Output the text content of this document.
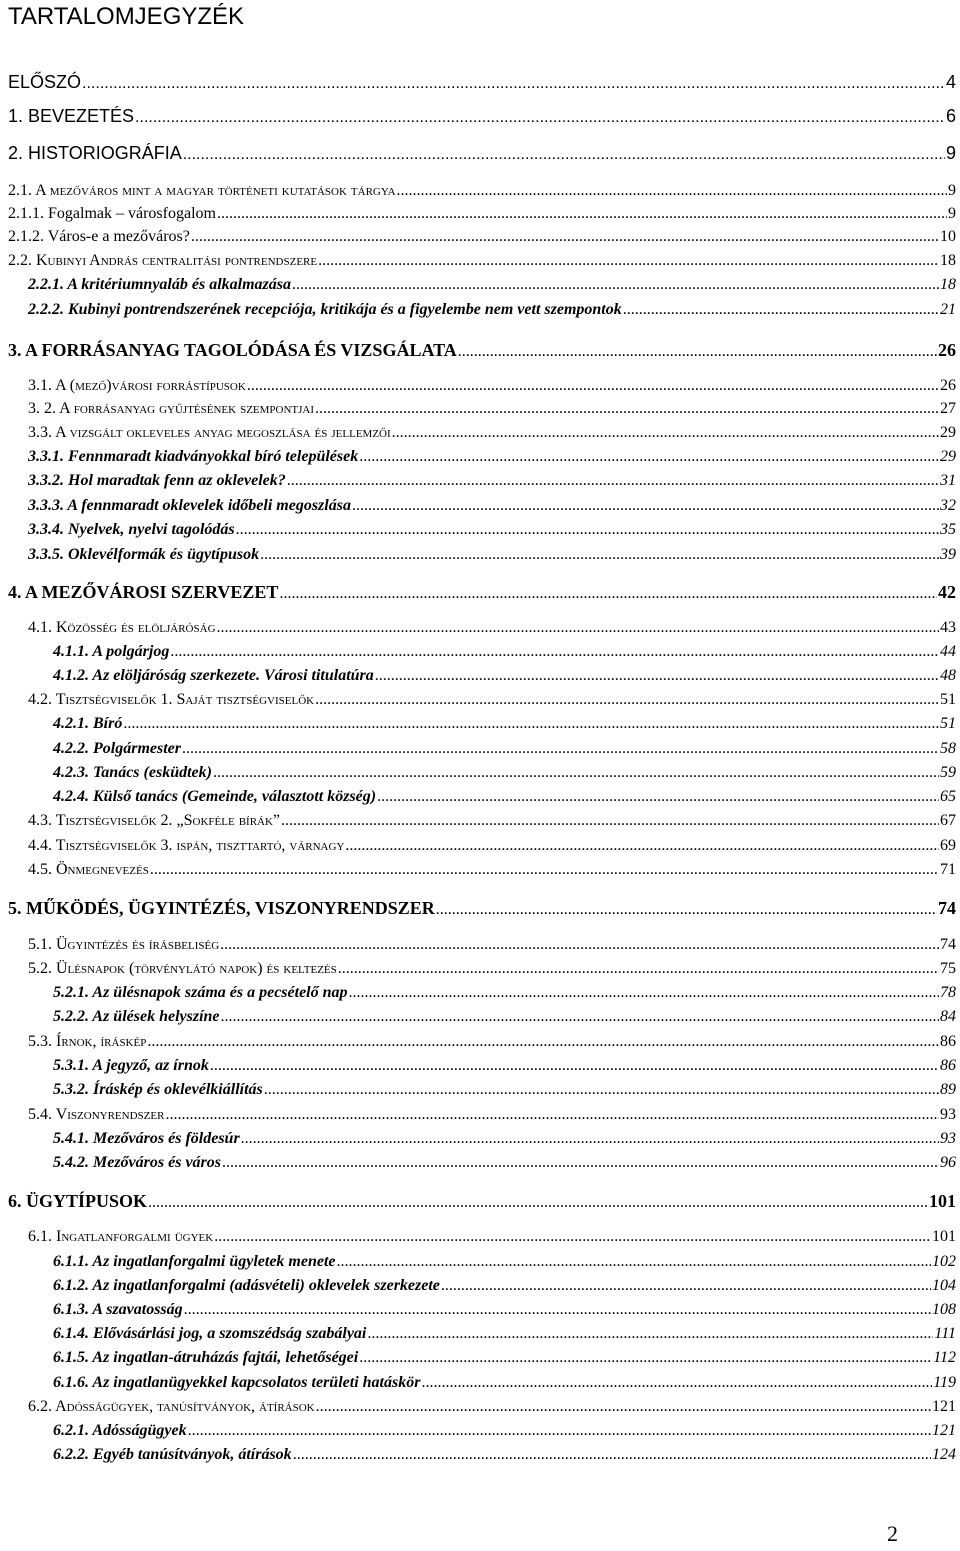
TARTALOMJEGYZÉK
ELŐSZÓ .....	4
1. BEVEZETÉS .....	6
2. HISTORIOGRÁFIA .....	9
2.1. A mezőváros mint a magyar történeti kutatások tárgya .....	9
2.1.1. Fogalmak – városfogalom .....	9
2.1.2. Város-e a mezőváros? .....	10
2.2. Kubinyi András centralitási pontrendszere .....	18
2.2.1. A kritériumnyaláb és alkalmazása .....	18
2.2.2. Kubinyi pontrendszerének recepciója, kritikája és a figyelembe nem vett szempontok .....	21
3. A FORRÁSANYAG TAGOLÓDÁSA ÉS VIZSGÁLATA .....	26
3.1. A (mező)városi forrástípusok .....	26
3. 2. A forrásanyag gyűjtésének szempontjai .....	27
3.3. A vizsgált okleveles anyag megoszlása és jellemzői .....	29
3.3.1. Fennmaradt kiadványokkal bíró települések .....	29
3.3.2. Hol maradtak fenn az oklevelek? .....	31
3.3.3. A fennmaradt oklevelek időbeli megoszlása .....	32
3.3.4. Nyelvek, nyelvi tagolódás .....	35
3.3.5. Oklevélformák és ügytípusok .....	39
4. A MEZŐVÁROSI SZERVEZET .....	42
4.1. Közösség és elöljáróság .....	43
4.1.1. A polgárjog .....	44
4.1.2. Az elöljáróság szerkezete. Városi titulatúra .....	48
4.2. Tisztségviselők 1. Saját tisztségviselők .....	51
4.2.1. Bíró .....	51
4.2.2. Polgármester .....	58
4.2.3. Tanács (esküdtek) .....	59
4.2.4. Külső tanács (Gemeinde, választott község) .....	65
4.3. Tisztségviselők 2. „Sokféle bírák” .....	67
4.4. Tisztségviselők 3. ispán, tiszttartó, várnagy .....	69
4.5. Önmegnevezés .....	71
5. MŰKÖDÉS, ÜGYINTÉZÉS, VISZONYRENDSZER .....	74
5.1. Ügyintézés és írásbeliség .....	74
5.2. Ülésnapok (törvénylátó napok) és keltezés .....	75
5.2.1. Az ülésnapok száma és a pecsételő nap .....	78
5.2.2. Az ülések helyszíne .....	84
5.3. Írnok, íráskép .....	86
5.3.1. A jegyző, az írnok .....	86
5.3.2. Íráskép és oklevélkiállítás .....	89
5.4. Viszonyrendszer .....	93
5.4.1. Mezőváros és földesúr .....	93
5.4.2. Mezőváros és város .....	96
6. ÜGYTÍPUSOK .....	101
6.1. Ingatlanforgalmi ügyek .....	101
6.1.1. Az ingatlanforgalmi ügyletek menete .....	102
6.1.2. Az ingatlanforgalmi (adásvételi) oklevelek szerkezete .....	104
6.1.3. A szavatosság .....	108
6.1.4. Elővásárlási jog, a szomszédság szabályai .....	111
6.1.5. Az ingatlan-átruházás fajtái, lehetőségei .....	112
6.1.6. Az ingatlanügyekkel kapcsolatos területi hatáskör .....	119
6.2. Adósságügyek, tanúsítványok, átírások .....	121
6.2.1. Adósságügyek .....	121
6.2.2. Egyéb tanúsítványok, átírások .....	124
2
